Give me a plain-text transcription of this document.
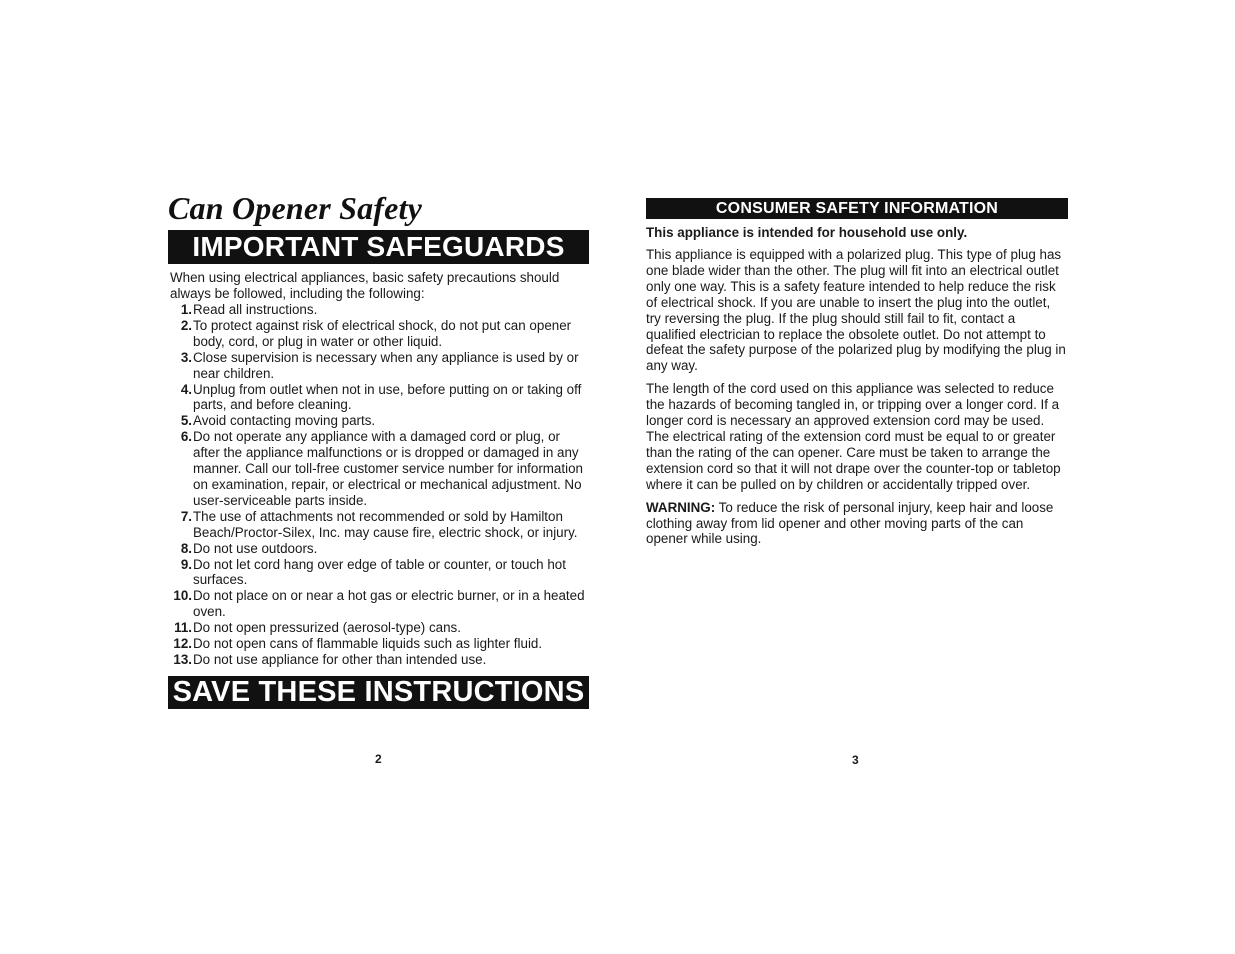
Can Opener Safety
IMPORTANT SAFEGUARDS

When using electrical appliances, basic safety precautions should always be followed, including the following:

1. Read all instructions.
2. To protect against risk of electrical shock, do not put can opener body, cord, or plug in water or other liquid.
3. Close supervision is necessary when any appliance is used by or near children.
4. Unplug from outlet when not in use, before putting on or taking off parts, and before cleaning.
5. Avoid contacting moving parts.
6. Do not operate any appliance with a damaged cord or plug, or after the appliance malfunctions or is dropped or damaged in any manner. Call our toll-free customer service number for information on examination, repair, or electrical or mechanical adjustment. No user-serviceable parts inside.
7. The use of attachments not recommended or sold by Hamilton Beach/Proctor-Silex, Inc. may cause fire, electric shock, or injury.
8. Do not use outdoors.
9. Do not let cord hang over edge of table or counter, or touch hot surfaces.
10. Do not place on or near a hot gas or electric burner, or in a heated oven.
11. Do not open pressurized (aerosol-type) cans.
12. Do not open cans of flammable liquids such as lighter fluid.
13. Do not use appliance for other than intended use.
SAVE THESE INSTRUCTIONS
2
CONSUMER SAFETY INFORMATION

This appliance is intended for household use only.

This appliance is equipped with a polarized plug. This type of plug has one blade wider than the other. The plug will fit into an electrical outlet only one way. This is a safety feature intended to help reduce the risk of electrical shock. If you are unable to insert the plug into the outlet, try reversing the plug. If the plug should still fail to fit, contact a qualified electrician to replace the obsolete outlet. Do not attempt to defeat the safety purpose of the polarized plug by modifying the plug in any way.

The length of the cord used on this appliance was selected to reduce the hazards of becoming tangled in, or tripping over a longer cord. If a longer cord is necessary an approved extension cord may be used. The electrical rating of the extension cord must be equal to or greater than the rating of the can opener. Care must be taken to arrange the extension cord so that it will not drape over the counter-top or tabletop where it can be pulled on by children or accidentally tripped over.

WARNING: To reduce the risk of personal injury, keep hair and loose clothing away from lid opener and other moving parts of the can opener while using.

3
